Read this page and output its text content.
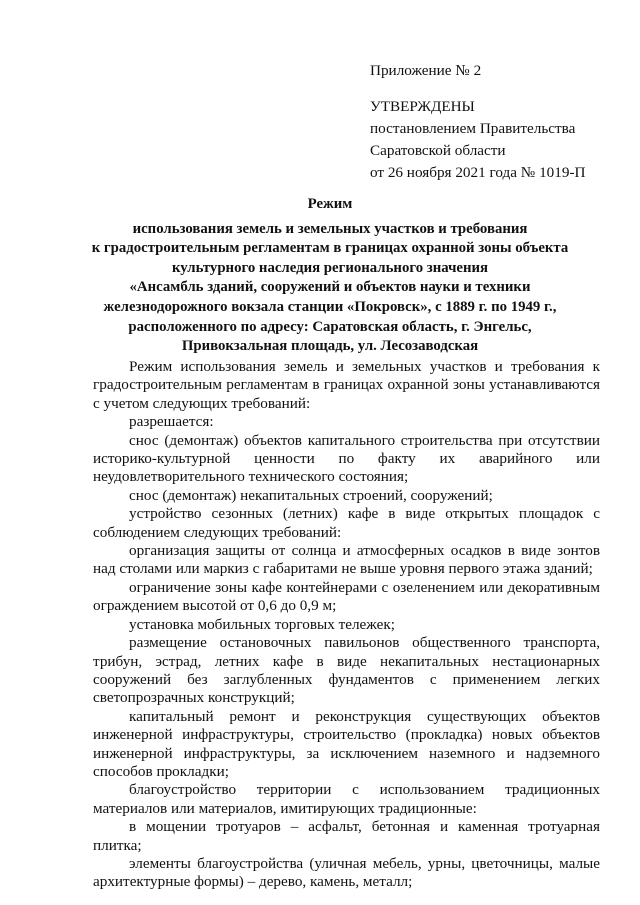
Приложение № 2
УТВЕРЖДЕНЫ
постановлением Правительства
Саратовской области
от 26 ноября 2021 года № 1019-П
Режим
использования земель и земельных участков и требования
к градостроительным регламентам в границах охранной зоны объекта
культурного наследия регионального значения
«Ансамбль зданий, сооружений и объектов науки и техники
железнодорожного вокзала станции «Покровск», с 1889 г. по 1949 г.,
расположенного по адресу: Саратовская область, г. Энгельс,
Привокзальная площадь, ул. Лесозаводская

Режим использования земель и земельных участков и требования к градостроительным регламентам в границах охранной зоны устанавливаются с учетом следующих требований:

разрешается:

снос (демонтаж) объектов капитального строительства при отсутствии историко-культурной ценности по факту их аварийного или неудовлетворительного технического состояния;

снос (демонтаж) некапитальных строений, сооружений;

устройство сезонных (летних) кафе в виде открытых площадок с соблюдением следующих требований:

организация защиты от солнца и атмосферных осадков в виде зонтов над столами или маркиз с габаритами не выше уровня первого этажа зданий;

ограничение зоны кафе контейнерами с озеленением или декоративным ограждением высотой от 0,6 до 0,9 м;

установка мобильных торговых тележек;

размещение остановочных павильонов общественного транспорта, трибун, эстрад, летних кафе в виде некапитальных нестационарных сооружений без заглубленных фундаментов с применением легких светопрозрачных конструкций;

капитальный ремонт и реконструкция существующих объектов инженерной инфраструктуры, строительство (прокладка) новых объектов инженерной инфраструктуры, за исключением наземного и надземного способов прокладки;

благоустройство территории с использованием традиционных материалов или материалов, имитирующих традиционные:

в мощении тротуаров – асфальт, бетонная и каменная тротуарная плитка;

элементы благоустройства (уличная мебель, урны, цветочницы, малые архитектурные формы) – дерево, камень, металл;
